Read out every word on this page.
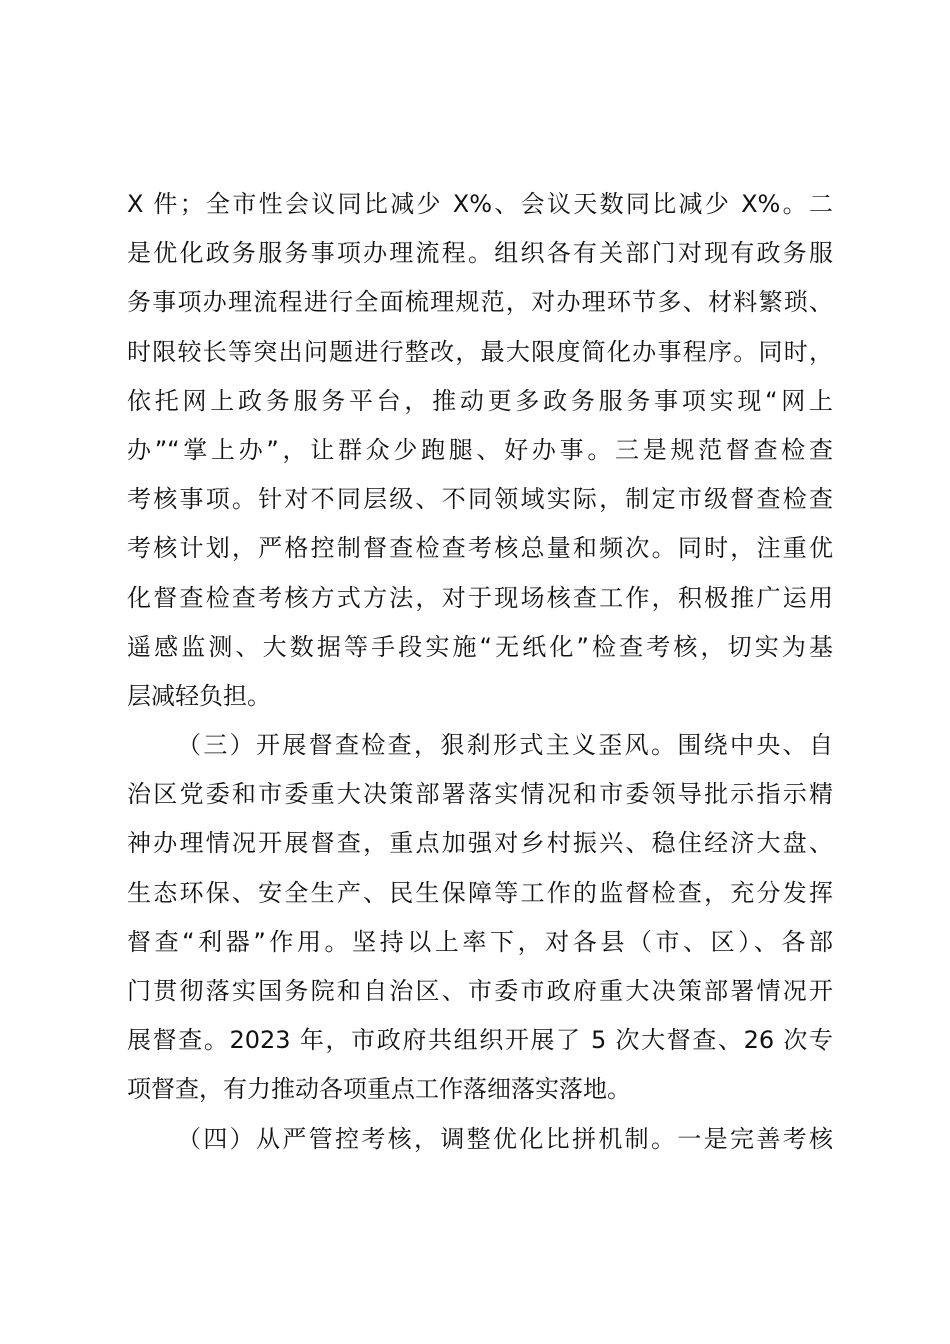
X 件；全市性会议同比减少 X%、会议天数同比减少 X%。二
是优化政务服务事项办理流程。组织各有关部门对现有政务服
务事项办理流程进行全面梳理规范，对办理环节多、材料繁琐、
时限较长等突出问题进行整改，最大限度简化办事程序。同时，
依托网上政务服务平台，推动更多政务服务事项实现“网上
办”“掌上办”，让群众少跑腿、好办事。三是规范督查检查
考核事项。针对不同层级、不同领域实际，制定市级督查检查
考核计划，严格控制督查检查考核总量和频次。同时，注重优
化督查检查考核方式方法，对于现场核查工作，积极推广运用
遥感监测、大数据等手段实施“无纸化”检查考核，切实为基
层减轻负担。
（三）开展督查检查，狠刹形式主义歪风。围绕中央、自
治区党委和市委重大决策部署落实情况和市委领导批示指示精
神办理情况开展督查，重点加强对乡村振兴、稳住经济大盘、
生态环保、安全生产、民生保障等工作的监督检查，充分发挥
督查“利器”作用。坚持以上率下，对各县（市、区）、各部
门贯彻落实国务院和自治区、市委市政府重大决策部署情况开
展督查。2023 年，市政府共组织开展了 5 次大督查、26 次专
项督查，有力推动各项重点工作落细落实落地。
（四）从严管控考核，调整优化比拼机制。一是完善考核
